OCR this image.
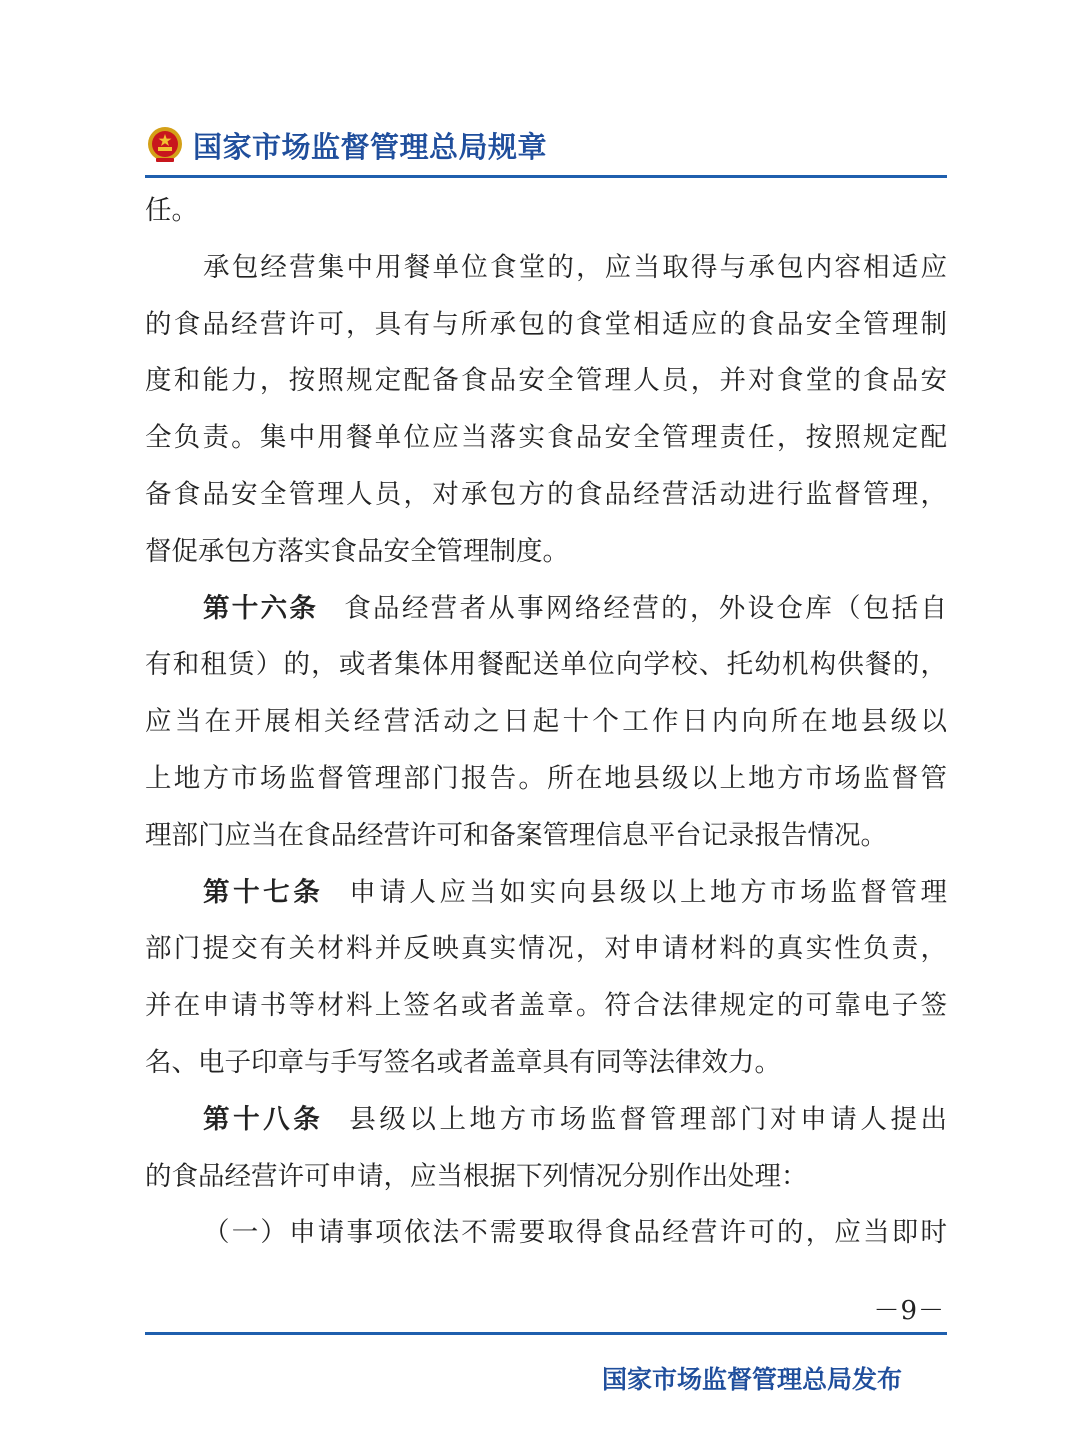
国家市场监督管理总局规章

任。

承包经营集中用餐单位食堂的，应当取得与承包内容相适应

的食品经营许可，具有与所承包的食堂相适应的食品安全管理制

度和能力，按照规定配备食品安全管理人员，并对食堂的食品安

全负责。集中用餐单位应当落实食品安全管理责任，按照规定配

备食品安全管理人员，对承包方的食品经营活动进行监督管理，

督促承包方落实食品安全管理制度。

第十六条 食品经营者从事网络经营的，外设仓库（包括自

有和租赁）的，或者集体用餐配送单位向学校、托幼机构供餐的，

应当在开展相关经营活动之日起十个工作日内向所在地县级以

上地方市场监督管理部门报告。所在地县级以上地方市场监督管

理部门应当在食品经营许可和备案管理信息平台记录报告情况。

第十七条 申请人应当如实向县级以上地方市场监督管理

部门提交有关材料并反映真实情况，对申请材料的真实性负责，

并在申请书等材料上签名或者盖章。符合法律规定的可靠电子签

名、电子印章与手写签名或者盖章具有同等法律效力。

第十八条 县级以上地方市场监督管理部门对申请人提出

的食品经营许可申请，应当根据下列情况分别作出处理：

（一）申请事项依法不需要取得食品经营许可的，应当即时

－9－
国家市场监督管理总局发布
